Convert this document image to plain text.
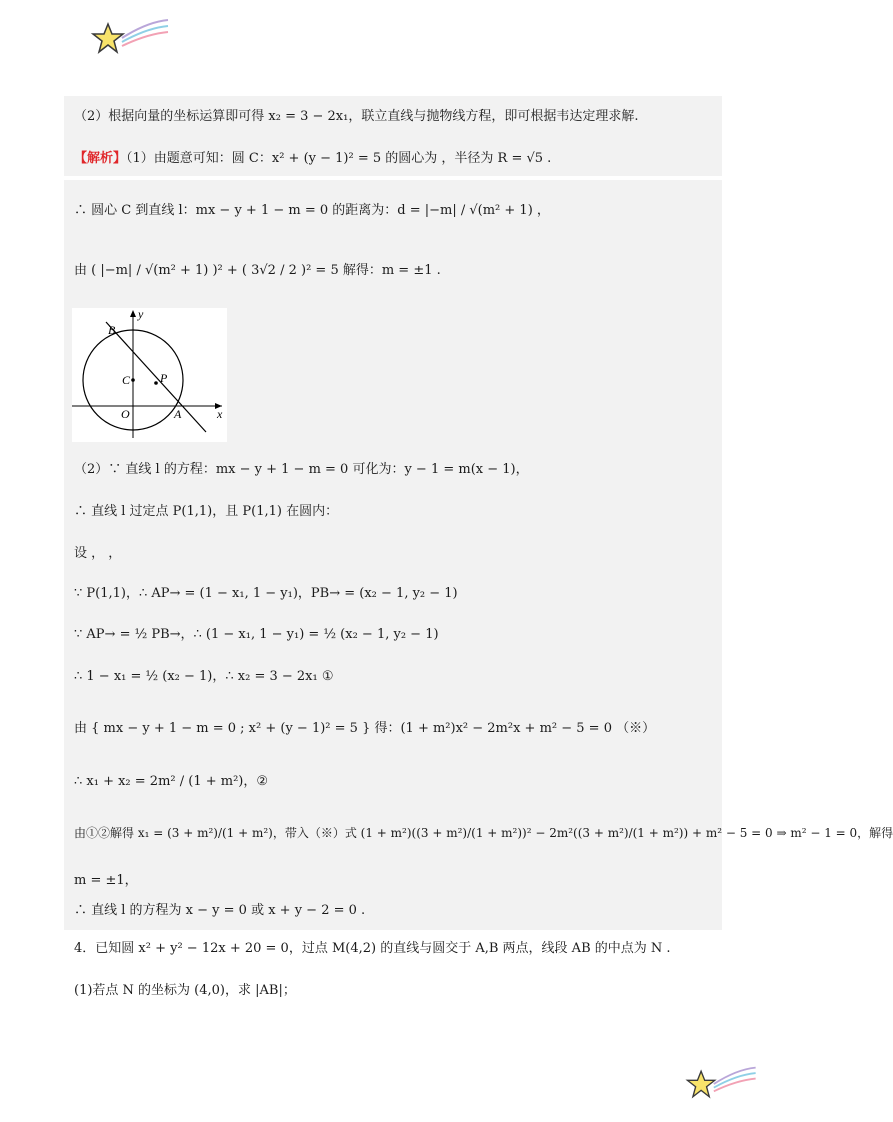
（2）根据向量的坐标运算即可得 x₂ = 3 − 2x₁，联立直线与抛物线方程，即可根据韦达定理求解.
【解析】（1）由题意可知：圆 C：x² + (y − 1)² = 5 的圆心为 ，半径为 R = √5 .
∴ 圆心 C 到直线 l：mx − y + 1 − m = 0 的距离为：d = |−m| / √(m² + 1) ，
由 ( |−m| / √(m² + 1) )² + ( 3√2 / 2 )² = 5 解得：m = ±1 .
y
x
B
C P
O	A
（2）∵ 直线 l 的方程：mx − y + 1 − m = 0 可化为：y − 1 = m(x − 1)，
∴ 直线 l 过定点 P(1,1)，且 P(1,1) 在圆内：
设 ， ，
∵ P(1,1)，∴ AP→ = (1 − x₁, 1 − y₁)，PB→ = (x₂ − 1, y₂ − 1)
∵ AP→ = ½ PB→，∴ (1 − x₁, 1 − y₁) = ½ (x₂ − 1, y₂ − 1)
∴ 1 − x₁ = ½ (x₂ − 1)，∴ x₂ = 3 − 2x₁ ①
由 { mx − y + 1 − m = 0 ; x² + (y − 1)² = 5 } 得：(1 + m²)x² − 2m²x + m² − 5 = 0 （※）
∴ x₁ + x₂ = 2m² / (1 + m²)，②
由①②解得 x₁ = (3 + m²)/(1 + m²)，带入（※）式 (1 + m²)((3 + m²)/(1 + m²))² − 2m²((3 + m²)/(1 + m²)) + m² − 5 = 0 ⇒ m² − 1 = 0，解得
m = ±1，
∴ 直线 l 的方程为 x − y = 0 或 x + y − 2 = 0 .
4．已知圆 x² + y² − 12x + 20 = 0，过点 M(4,2) 的直线与圆交于 A,B 两点，线段 AB 的中点为 N .
(1)若点 N 的坐标为 (4,0)，求 |AB|；
